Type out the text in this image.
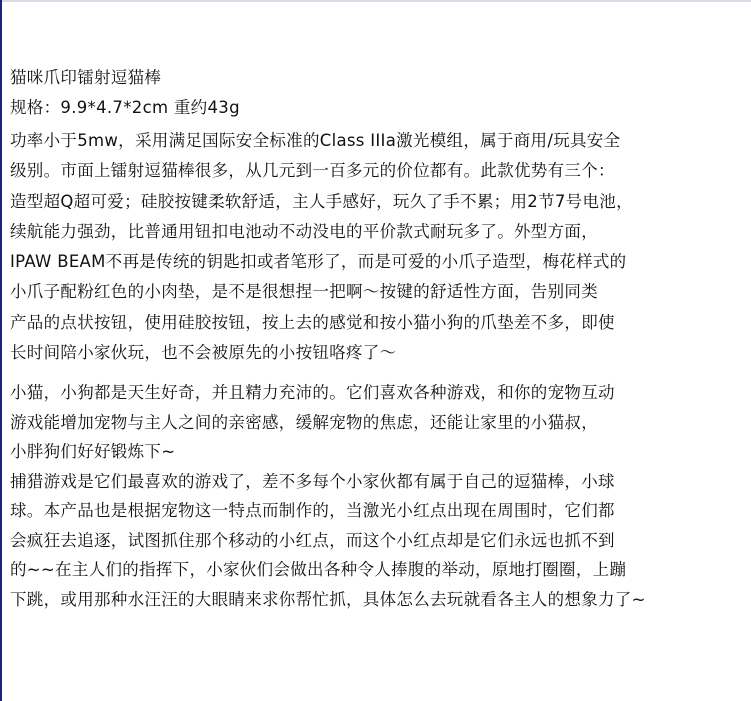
猫咪爪印镭射逗猫棒
规格：9.9*4.7*2cm 重约43g
功率小于5mw，采用满足国际安全标准的Class IIIa激光模组，属于商用/玩具安全
级别。市面上镭射逗猫棒很多，从几元到一百多元的价位都有。此款优势有三个：
造型超Q超可爱；硅胶按键柔软舒适，主人手感好，玩久了手不累；用2节7号电池，
续航能力强劲，比普通用钮扣电池动不动没电的平价款式耐玩多了。外型方面，
IPAW BEAM不再是传统的钥匙扣或者笔形了，而是可爱的小爪子造型，梅花样式的
小爪子配粉红色的小肉垫，是不是很想捏一把啊～按键的舒适性方面，告别同类
产品的点状按钮，使用硅胶按钮，按上去的感觉和按小猫小狗的爪垫差不多，即使
长时间陪小家伙玩，也不会被原先的小按钮咯疼了～
小猫，小狗都是天生好奇，并且精力充沛的。它们喜欢各种游戏，和你的宠物互动
游戏能增加宠物与主人之间的亲密感，缓解宠物的焦虑，还能让家里的小猫叔，
小胖狗们好好锻炼下~
捕猎游戏是它们最喜欢的游戏了，差不多每个小家伙都有属于自己的逗猫棒，小球
球。本产品也是根据宠物这一特点而制作的，当激光小红点出现在周围时，它们都
会疯狂去追逐，试图抓住那个移动的小红点，而这个小红点却是它们永远也抓不到
的~~在主人们的指挥下，小家伙们会做出各种令人捧腹的举动，原地打圈圈，上蹦
下跳，或用那种水汪汪的大眼睛来求你帮忙抓，具体怎么去玩就看各主人的想象力了~
